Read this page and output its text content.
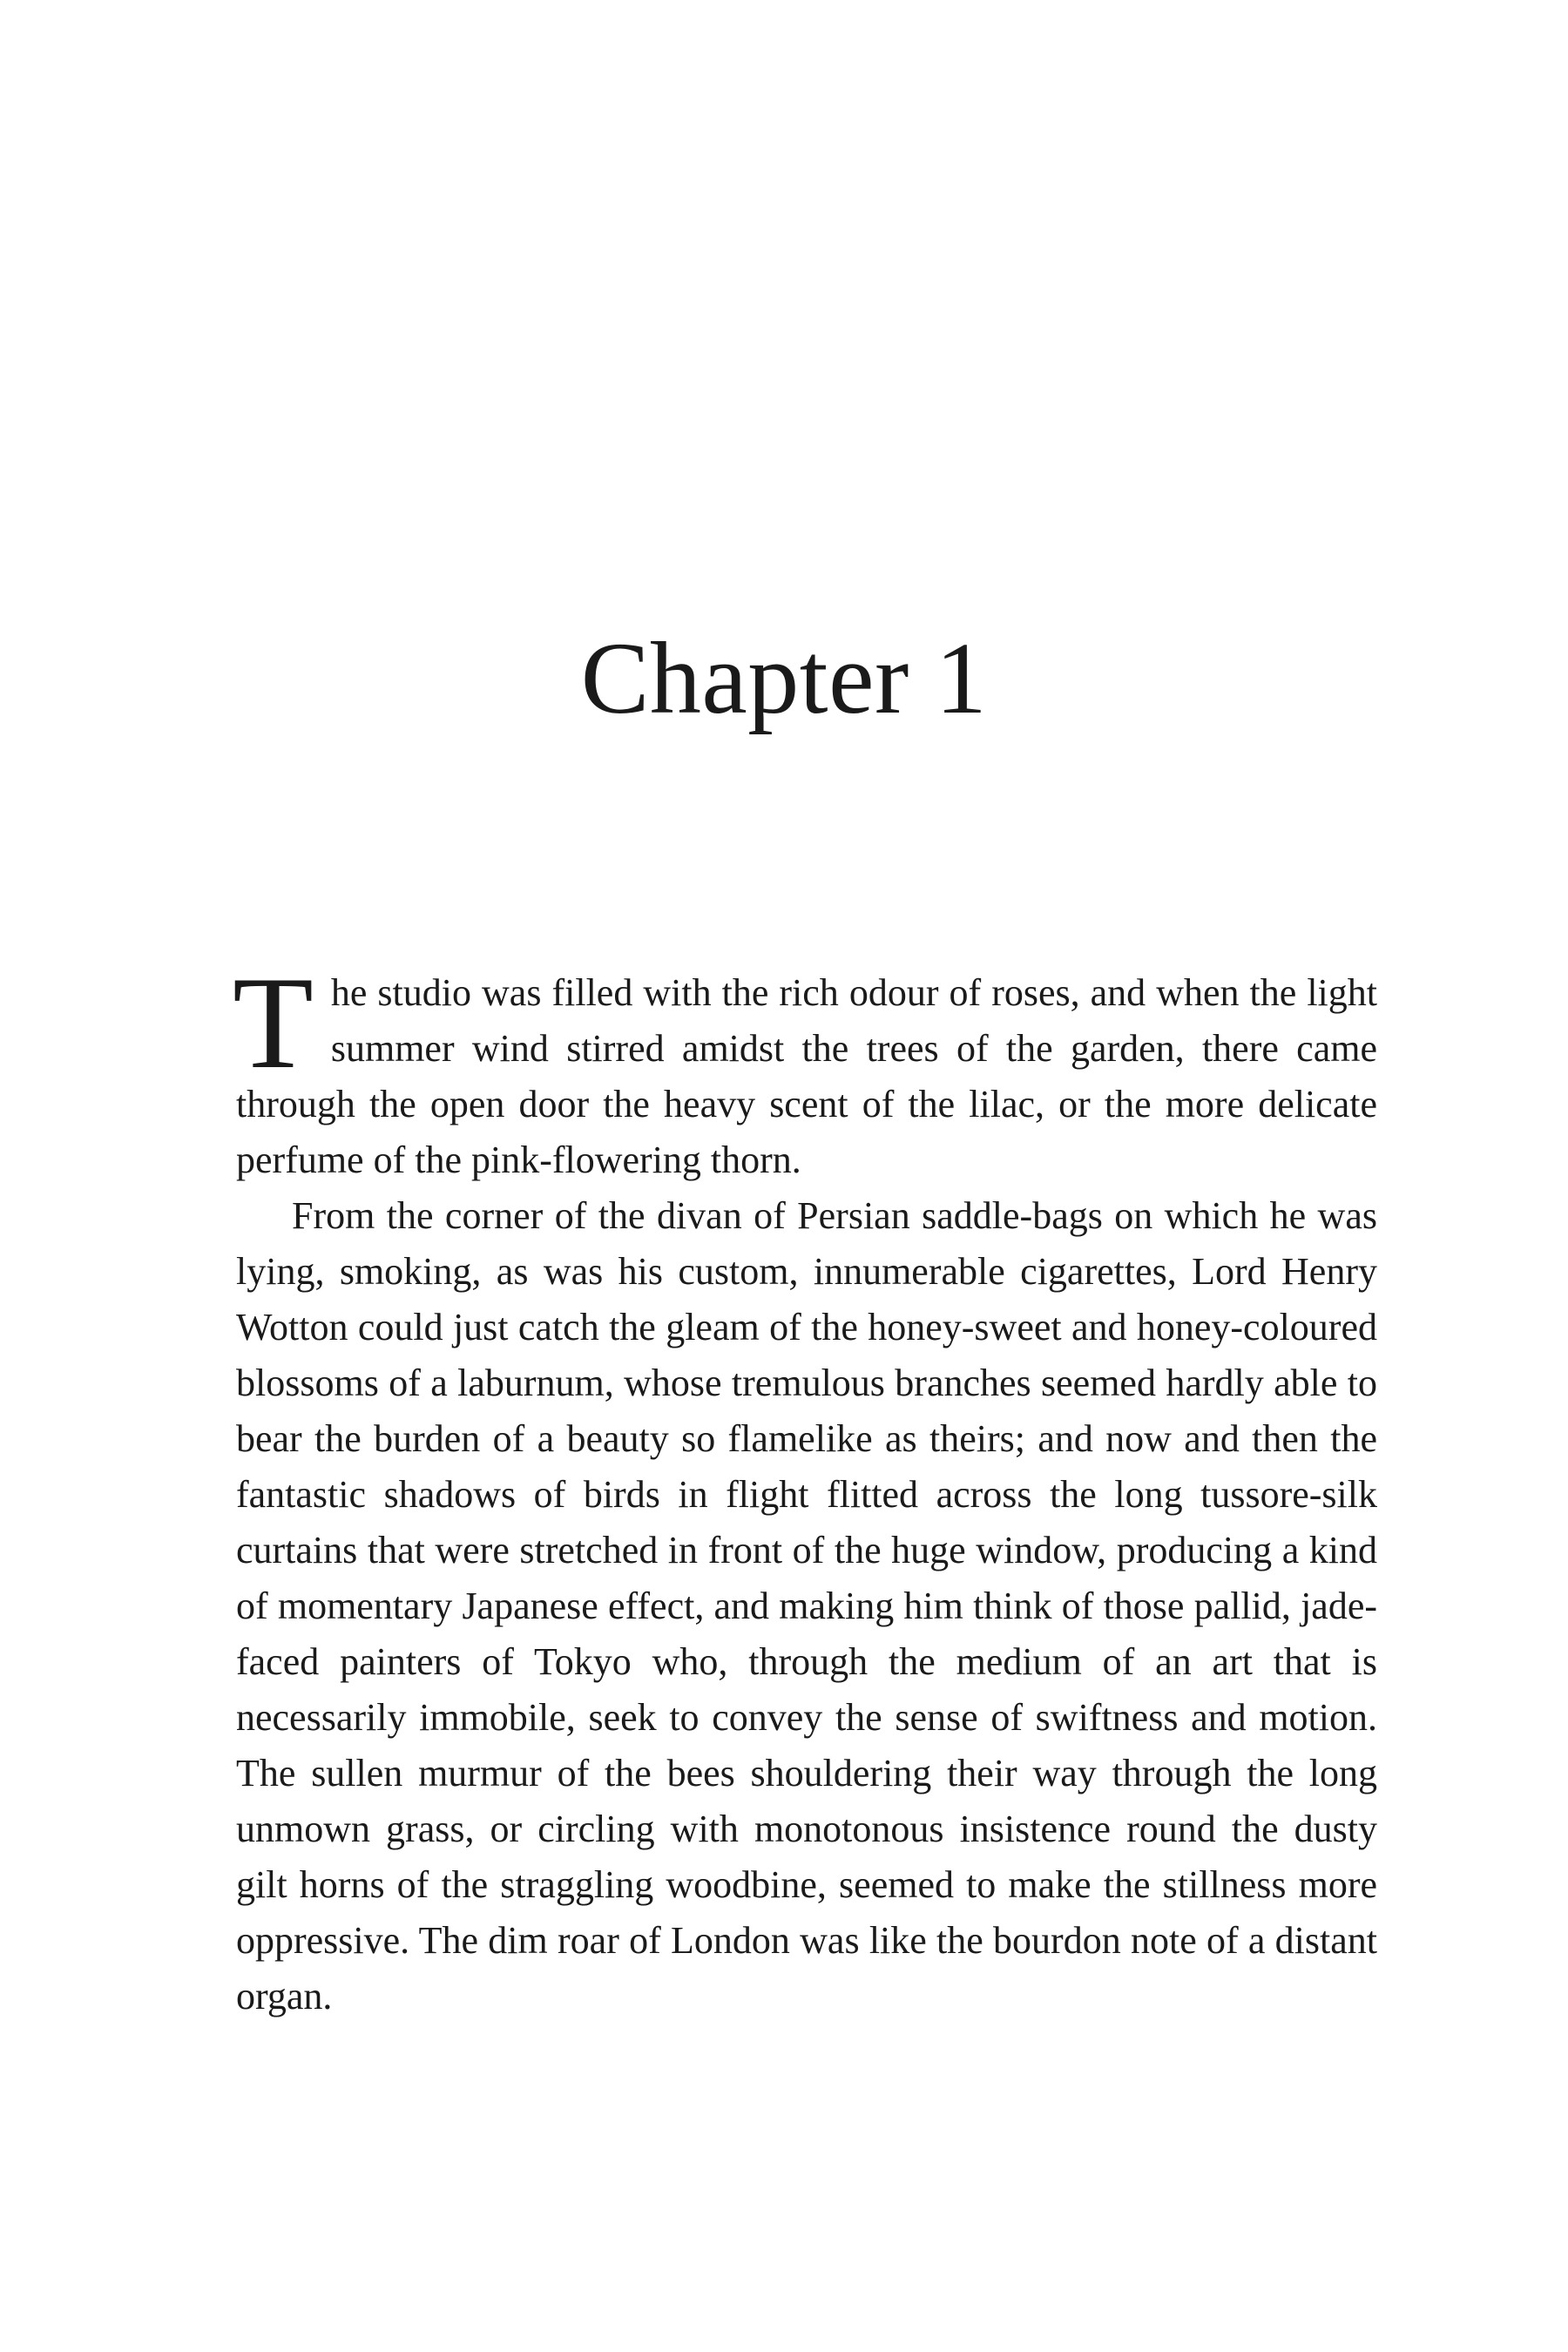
Chapter 1

The studio was filled with the rich odour of roses, and when the light summer wind stirred amidst the trees of the garden, there came through the open door the heavy scent of the lilac, or the more delicate perfume of the pink-flowering thorn.

From the corner of the divan of Persian saddle-bags on which he was lying, smoking, as was his custom, innumerable cigarettes, Lord Henry Wotton could just catch the gleam of the honey-sweet and honey-coloured blossoms of a laburnum, whose tremulous branches seemed hardly able to bear the burden of a beauty so flamelike as theirs; and now and then the fantastic shadows of birds in flight flitted across the long tussore-silk curtains that were stretched in front of the huge window, producing a kind of momentary Japanese effect, and making him think of those pallid, jade-faced painters of Tokyo who, through the medium of an art that is necessarily immobile, seek to convey the sense of swiftness and motion. The sullen murmur of the bees shouldering their way through the long unmown grass, or circling with monotonous insistence round the dusty gilt horns of the straggling woodbine, seemed to make the stillness more oppressive. The dim roar of London was like the bourdon note of a distant organ.
